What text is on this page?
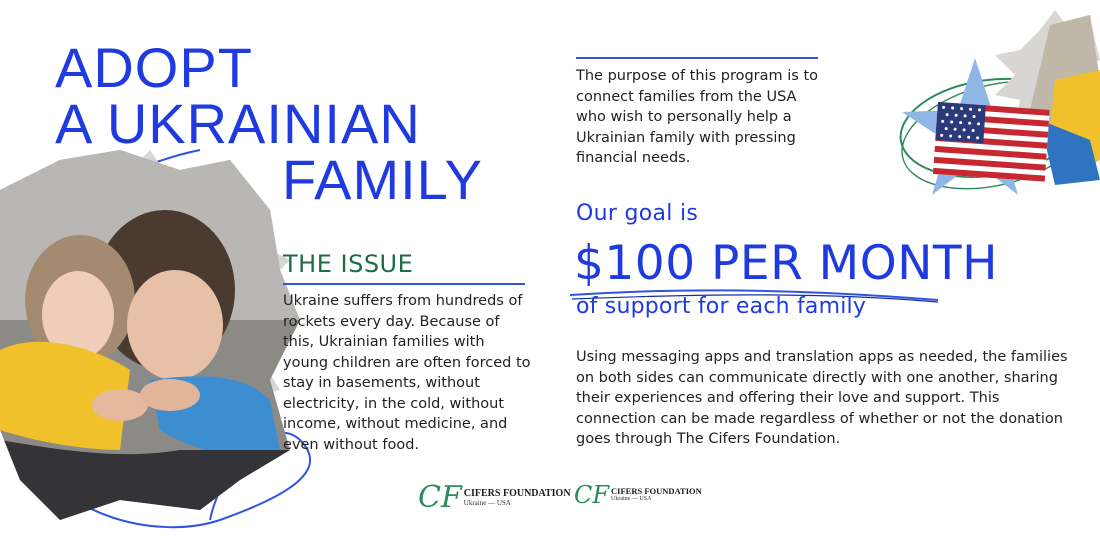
ADOPT
A UKRAINIAN
FAMILY
THE ISSUE
Ukraine suffers from hundreds of rockets every day. Because of this, Ukrainian families with young children are often forced to stay in basements, without electricity, in the cold, without income, without medicine, and even without food.
The purpose of this program is to connect families from the USA who wish to personally help a Ukrainian family with pressing financial needs.
Our goal is
$100 PER MONTH
of support for each family
Using messaging apps and translation apps as needed, the families on both sides can communicate directly with one another, sharing their experiences and offering their love and support. This connection can be made regardless of whether or not the donation goes through The Cifers Foundation.
CF CIFERS FOUNDATION
Ukraine — USA	CF CIFERS FOUNDATION
Ukraine — USA
